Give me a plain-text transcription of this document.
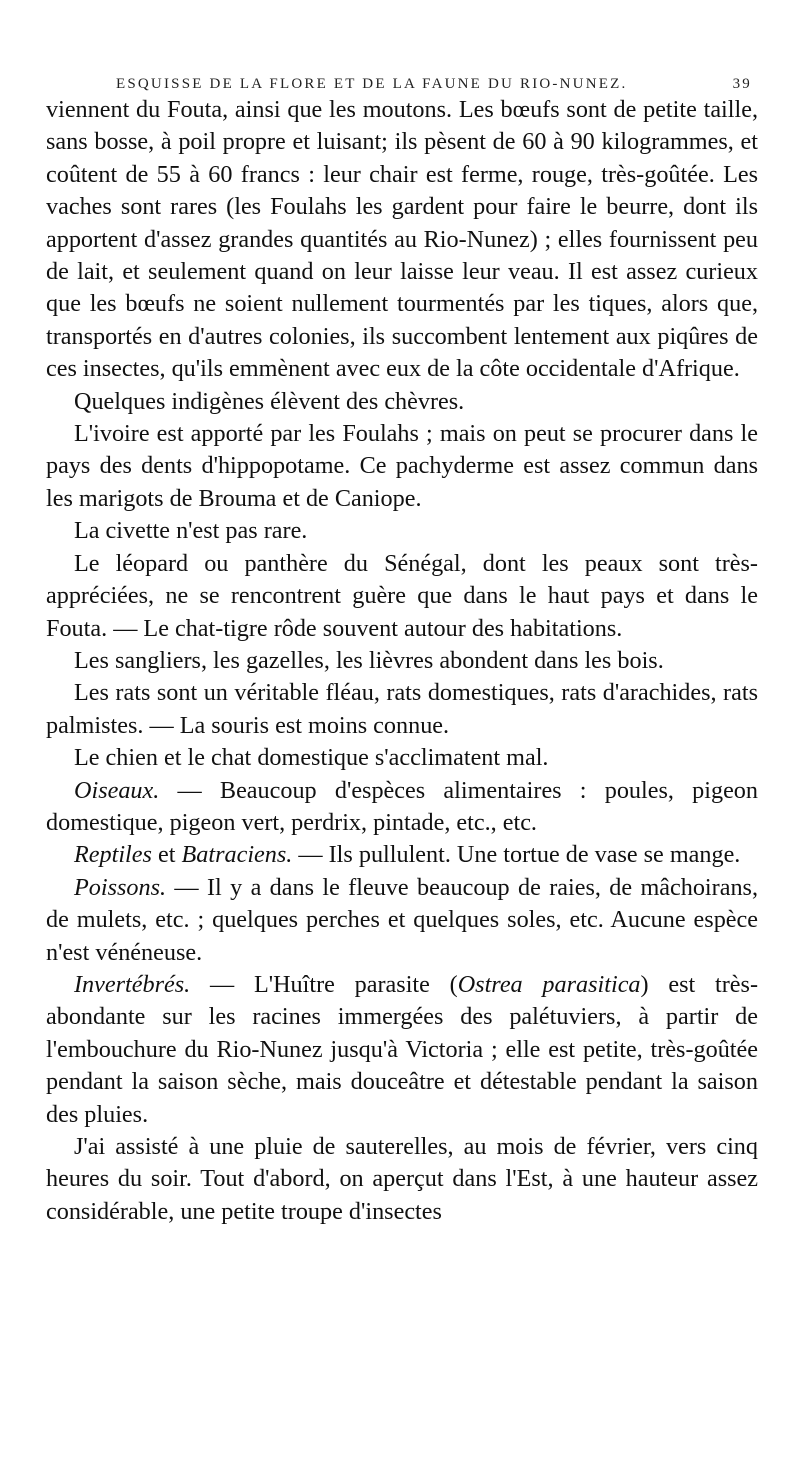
ESQUISSE DE LA FLORE ET DE LA FAUNE DU RIO-NUNEZ.	39

viennent du Fouta, ainsi que les moutons. Les bœufs sont de petite taille, sans bosse, à poil propre et luisant; ils pèsent de 60 à 90 kilogrammes, et coûtent de 55 à 60 francs : leur chair est ferme, rouge, très-goûtée. Les vaches sont rares (les Foulahs les gardent pour faire le beurre, dont ils apportent d'assez grandes quantités au Rio-Nunez) ; elles fournissent peu de lait, et seulement quand on leur laisse leur veau. Il est assez curieux que les bœufs ne soient nullement tourmentés par les tiques, alors que, transportés en d'autres colonies, ils succombent lentement aux piqûres de ces insectes, qu'ils emmènent avec eux de la côte occidentale d'Afrique.

Quelques indigènes élèvent des chèvres.

L'ivoire est apporté par les Foulahs ; mais on peut se procurer dans le pays des dents d'hippopotame. Ce pachyderme est assez commun dans les marigots de Brouma et de Caniope.

La civette n'est pas rare.

Le léopard ou panthère du Sénégal, dont les peaux sont très-appréciées, ne se rencontrent guère que dans le haut pays et dans le Fouta. — Le chat-tigre rôde souvent autour des habitations.

Les sangliers, les gazelles, les lièvres abondent dans les bois.

Les rats sont un véritable fléau, rats domestiques, rats d'arachides, rats palmistes. — La souris est moins connue.

Le chien et le chat domestique s'acclimatent mal.

Oiseaux. — Beaucoup d'espèces alimentaires : poules, pigeon domestique, pigeon vert, perdrix, pintade, etc., etc.

Reptiles et Batraciens. — Ils pullulent. Une tortue de vase se mange.

Poissons. — Il y a dans le fleuve beaucoup de raies, de mâchoirans, de mulets, etc. ; quelques perches et quelques soles, etc. Aucune espèce n'est vénéneuse.

Invertébrés. — L'Huître parasite (Ostrea parasitica) est très-abondante sur les racines immergées des palétuviers, à partir de l'embouchure du Rio-Nunez jusqu'à Victoria ; elle est petite, très-goûtée pendant la saison sèche, mais douceâtre et détestable pendant la saison des pluies.

J'ai assisté à une pluie de sauterelles, au mois de février, vers cinq heures du soir. Tout d'abord, on aperçut dans l'Est, à une hauteur assez considérable, une petite troupe d'insectes
